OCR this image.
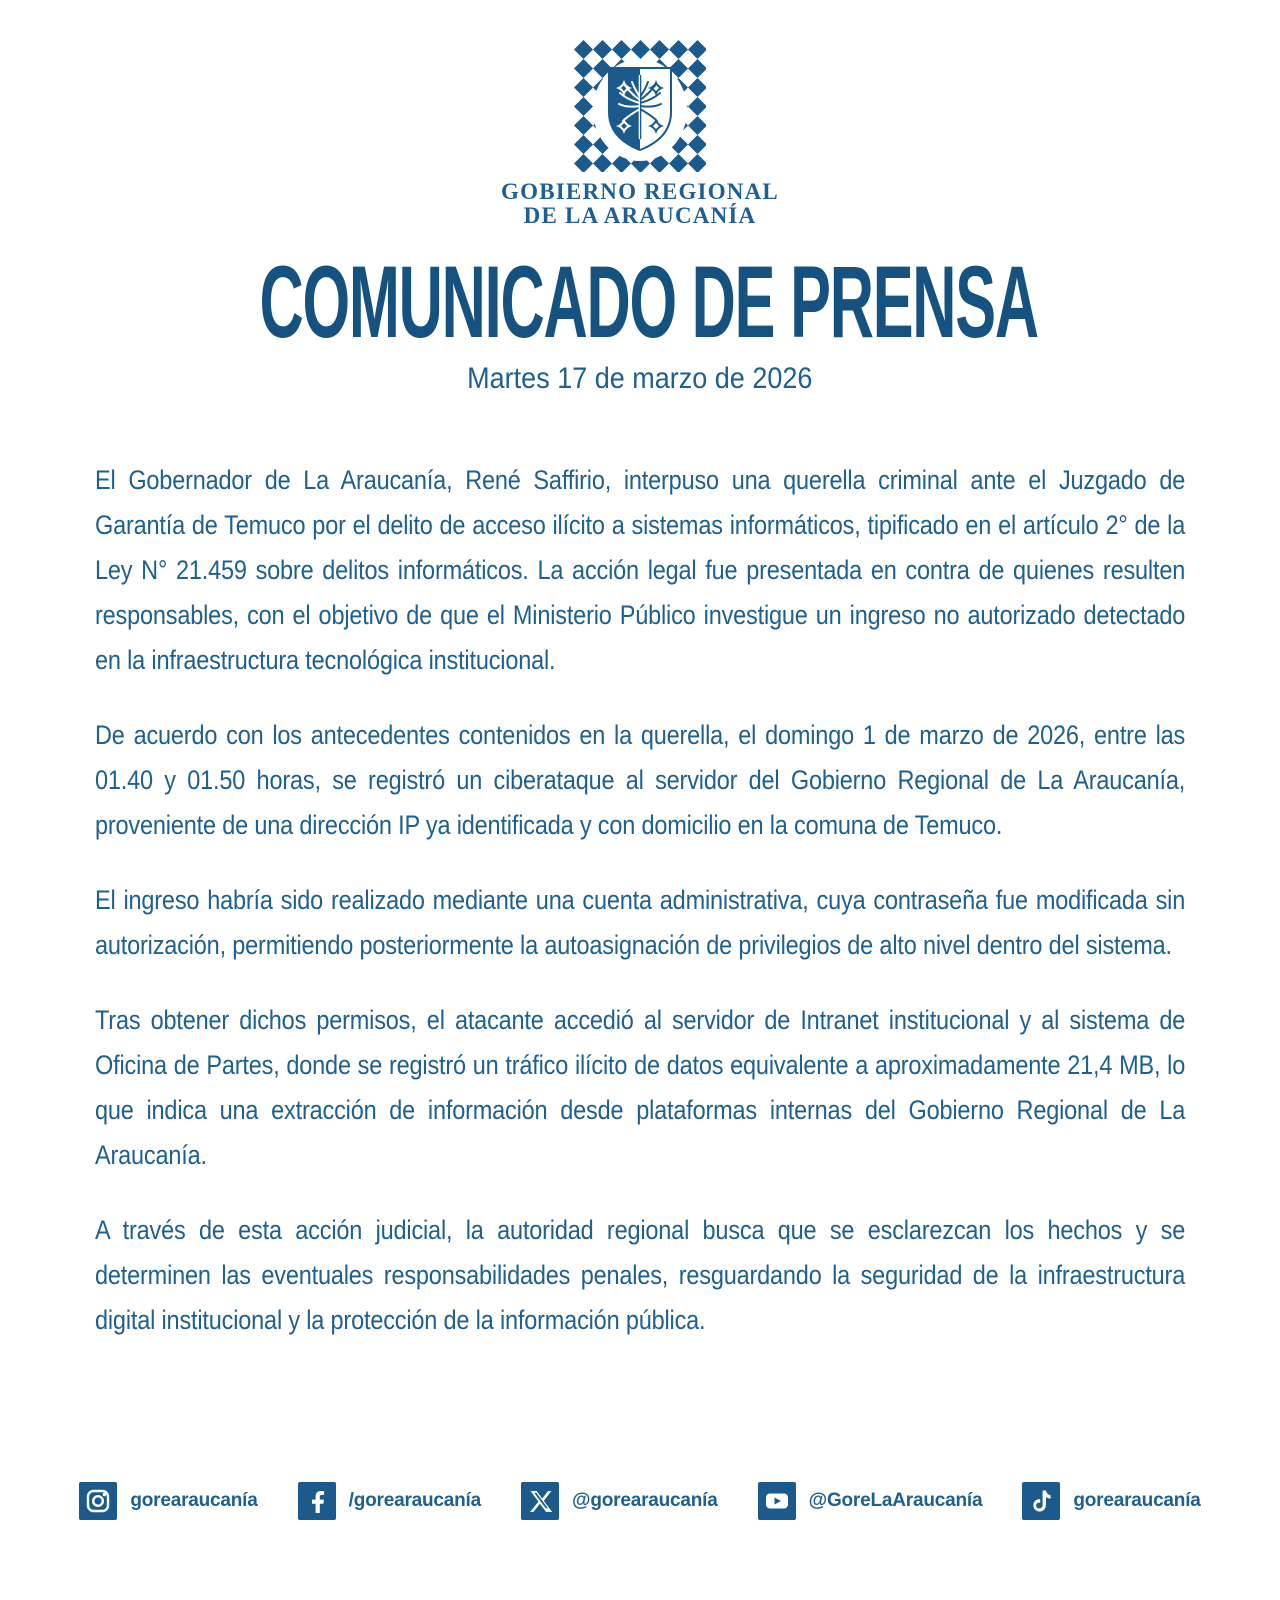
GOBIERNO REGIONAL
DE LA ARAUCANÍA
COMUNICADO DE PRENSA
Martes 17 de marzo de 2026

El Gobernador de La Araucanía, René Saffirio, interpuso una querella criminal ante el Juzgado de Garantía de Temuco por el delito de acceso ilícito a sistemas informáticos, tipificado en el artículo 2° de la Ley N° 21.459 sobre delitos informáticos. La acción legal fue presentada en contra de quienes resulten responsables, con el objetivo de que el Ministerio Público investigue un ingreso no autorizado detectado en la infraestructura tecnológica institucional.

De acuerdo con los antecedentes contenidos en la querella, el domingo 1 de marzo de 2026, entre las 01.40 y 01.50 horas, se registró un ciberataque al servidor del Gobierno Regional de La Araucanía, proveniente de una dirección IP ya identificada y con domicilio en la comuna de Temuco.

El ingreso habría sido realizado mediante una cuenta administrativa, cuya contraseña fue modificada sin autorización, permitiendo posteriormente la autoasignación de privilegios de alto nivel dentro del sistema.

Tras obtener dichos permisos, el atacante accedió al servidor de Intranet institucional y al sistema de Oficina de Partes, donde se registró un tráfico ilícito de datos equivalente a aproximadamente 21,4 MB, lo que indica una extracción de información desde plataformas internas del Gobierno Regional de La Araucanía.

A través de esta acción judicial, la autoridad regional busca que se esclarezcan los hechos y se determinen las eventuales responsabilidades penales, resguardando la seguridad de la infraestructura digital institucional y la protección de la información pública.

gorearaucanía	/gorearaucanía	@gorearaucanía	@GoreLaAraucanía	gorearaucanía
